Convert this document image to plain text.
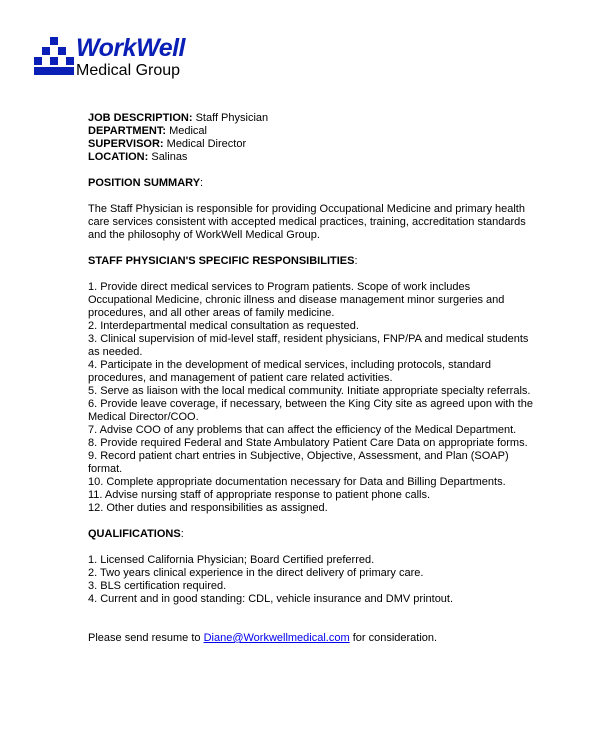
WorkWell
Medical Group
JOB DESCRIPTION: Staff Physician
DEPARTMENT: Medical
SUPERVISOR: Medical Director
LOCATION: Salinas
POSITION SUMMARY:
The Staff Physician is responsible for providing Occupational Medicine and primary health care services consistent with accepted medical practices, training, accreditation standards and the philosophy of WorkWell Medical Group.
STAFF PHYSICIAN'S SPECIFIC RESPONSIBILITIES:
1. Provide direct medical services to Program patients. Scope of work includes Occupational Medicine, chronic illness and disease management minor surgeries and procedures, and all other areas of family medicine.
2. Interdepartmental medical consultation as requested.
3. Clinical supervision of mid-level staff, resident physicians, FNP/PA and medical students as needed.
4. Participate in the development of medical services, including protocols, standard procedures, and management of patient care related activities.
5. Serve as liaison with the local medical community. Initiate appropriate specialty referrals.
6. Provide leave coverage, if necessary, between the King City site as agreed upon with the Medical Director/COO.
7. Advise COO of any problems that can affect the efficiency of the Medical Department.
8. Provide required Federal and State Ambulatory Patient Care Data on appropriate forms.
9. Record patient chart entries in Subjective, Objective, Assessment, and Plan (SOAP) format.
10. Complete appropriate documentation necessary for Data and Billing Departments.
11. Advise nursing staff of appropriate response to patient phone calls.
12. Other duties and responsibilities as assigned.
QUALIFICATIONS:
1. Licensed California Physician; Board Certified preferred.
2. Two years clinical experience in the direct delivery of primary care.
3. BLS certification required.
4. Current and in good standing: CDL, vehicle insurance and DMV printout.
Please send resume to Diane@Workwellmedical.com for consideration.
